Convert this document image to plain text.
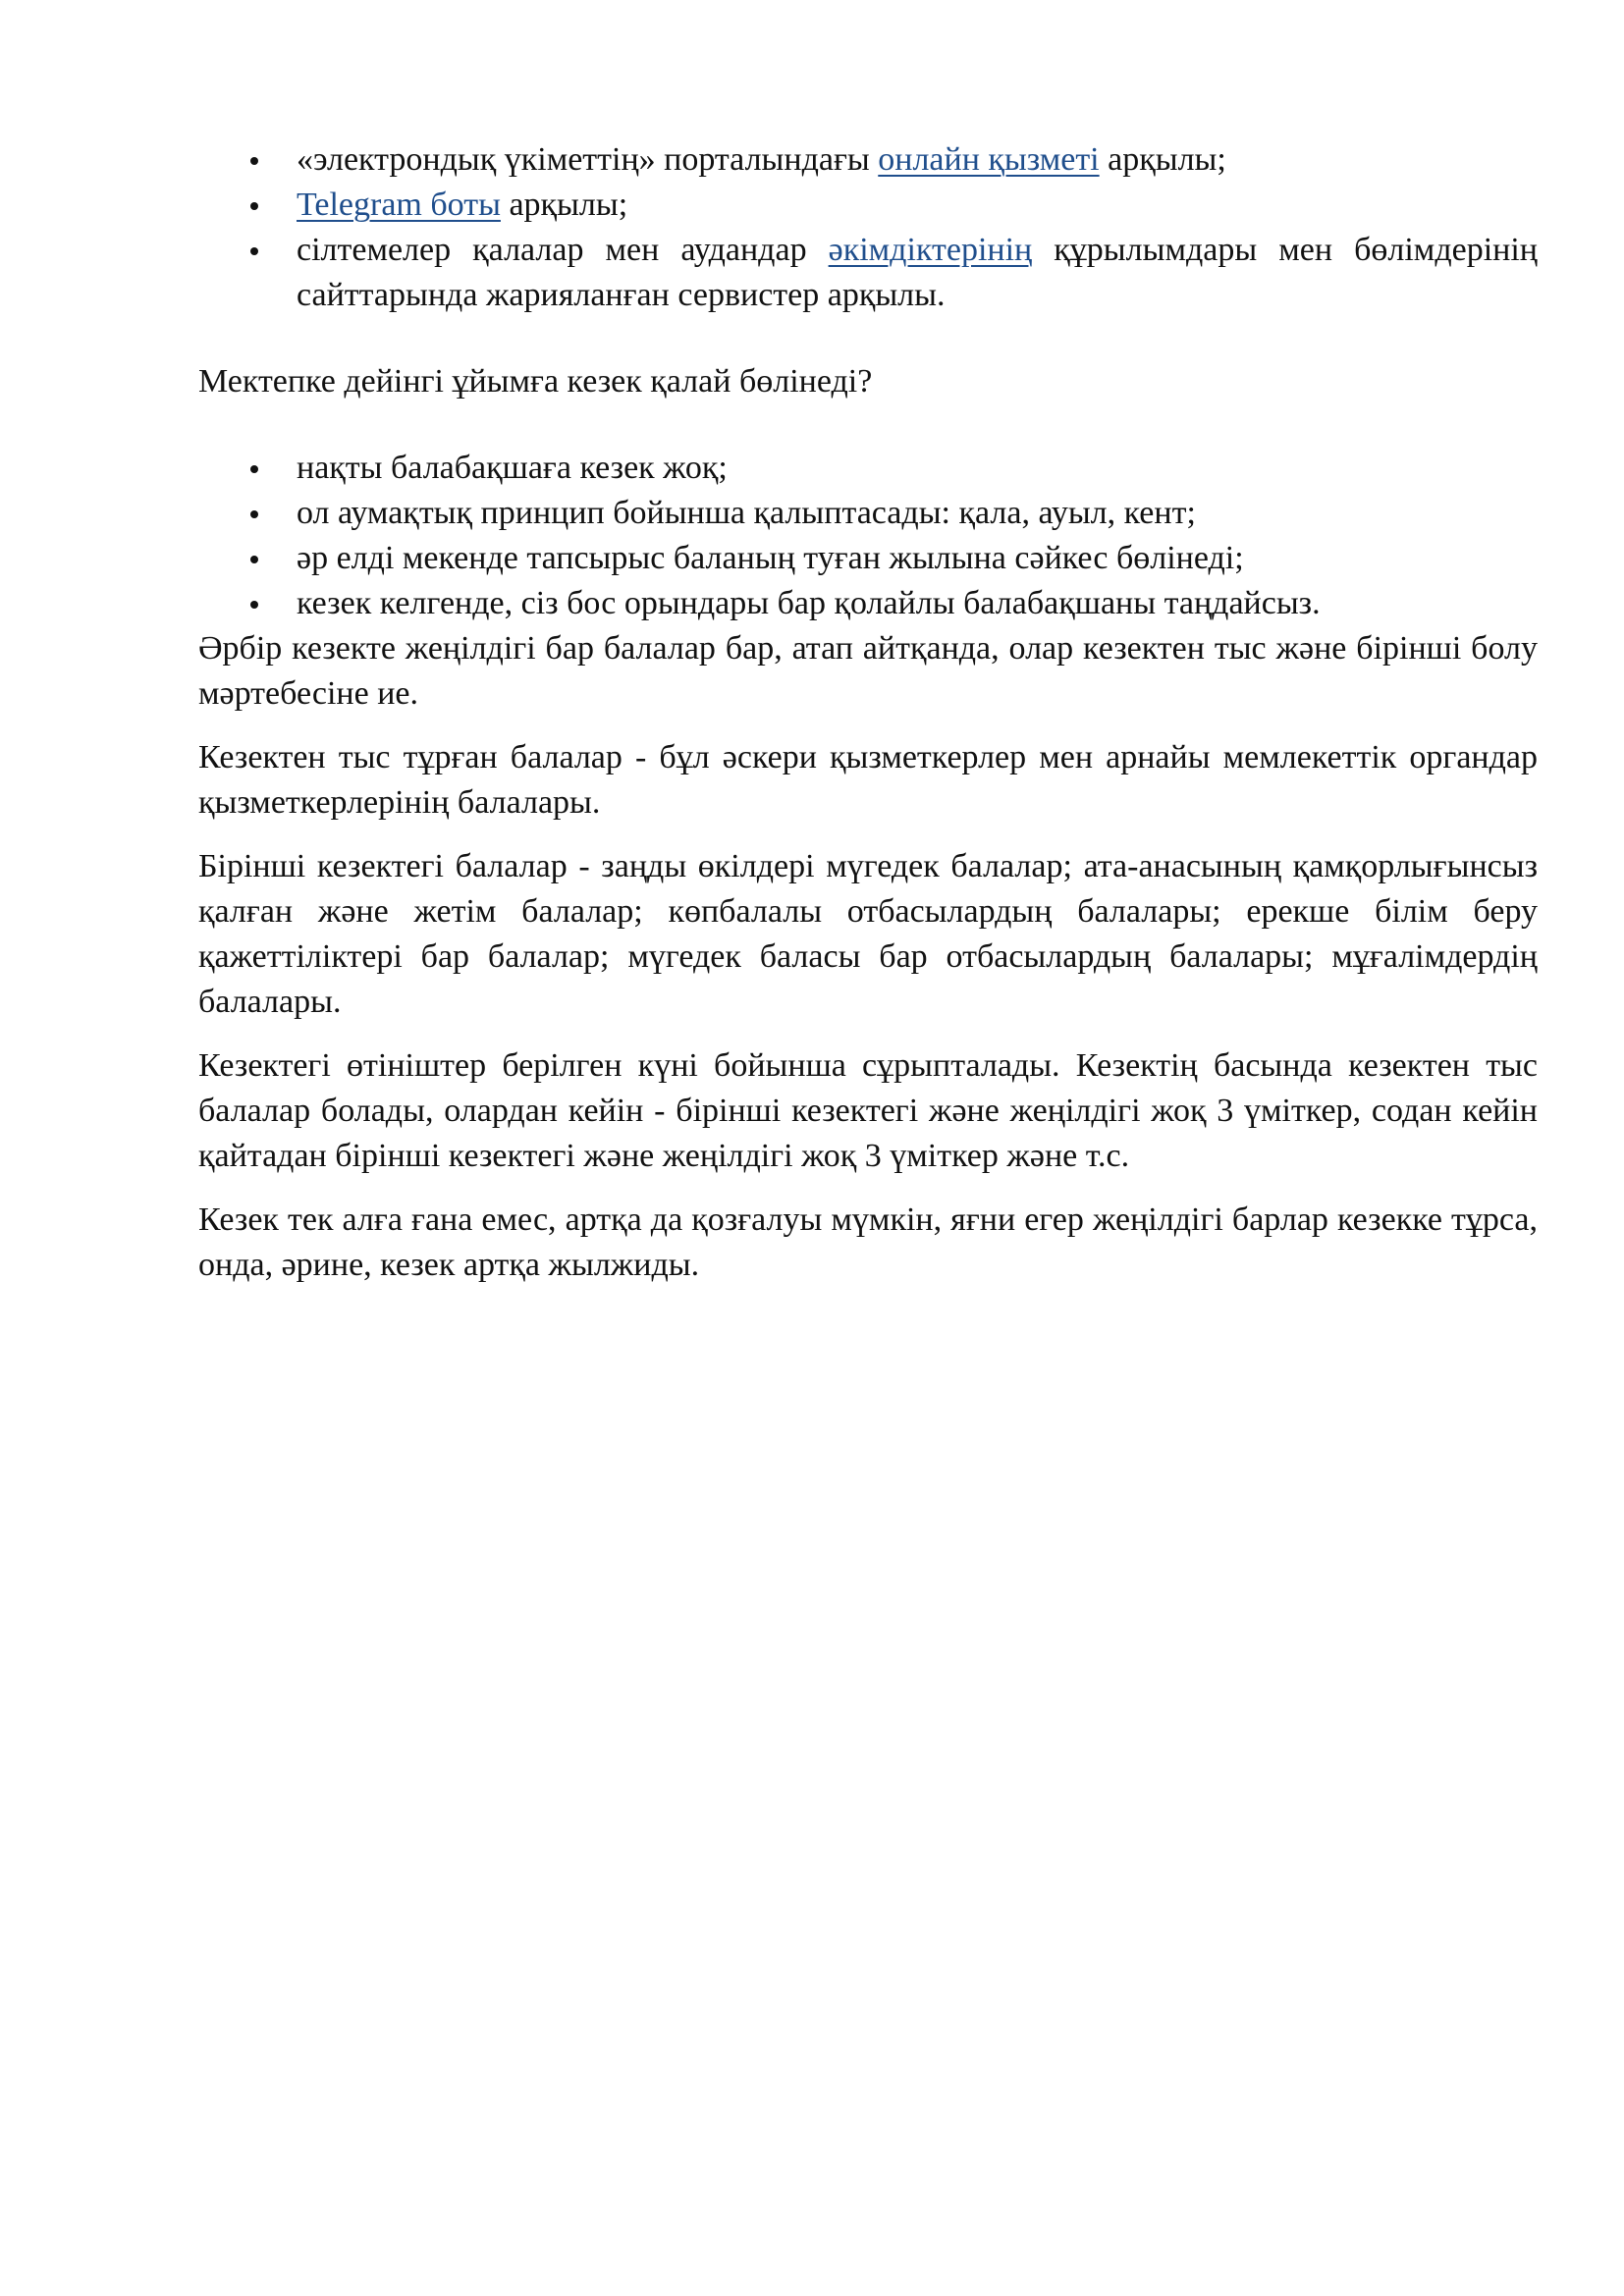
«электрондық үкіметтің» порталындағы онлайн қызметі арқылы;
Telegram боты арқылы;
сілтемелер қалалар мен аудандар әкімдіктерінің құрылымдары мен бөлімдерінің сайттарында жарияланған сервистер арқылы.
Мектепке дейінгі ұйымға кезек қалай бөлінеді?
нақты балабақшаға кезек жоқ;
ол аумақтық принцип бойынша қалыптасады: қала, ауыл, кент;
әр елді мекенде тапсырыс баланың туған жылына сәйкес бөлінеді;
кезек келгенде, сіз бос орындары бар қолайлы балабақшаны таңдайсыз.

Әрбір кезекте жеңілдігі бар балалар бар, атап айтқанда, олар кезектен тыс және бірінші болу мәртебесіне ие.

Кезектен тыс тұрған балалар - бұл әскери қызметкерлер мен арнайы мемлекеттік органдар қызметкерлерінің балалары.

Бірінші кезектегі балалар - заңды өкілдері мүгедек балалар; ата-анасының қамқорлығынсыз қалған және жетім балалар; көпбалалы отбасылардың балалары; ерекше білім беру қажеттіліктері бар балалар; мүгедек баласы бар отбасылардың балалары; мұғалімдердің балалары.

Кезектегі өтініштер берілген күні бойынша сұрыпталады. Кезектің басында кезектен тыс балалар болады, олардан кейін - бірінші кезектегі және жеңілдігі жоқ 3 үміткер, содан кейін қайтадан бірінші кезектегі және жеңілдігі жоқ 3 үміткер және т.с.

Кезек тек алға ғана емес, артқа да қозғалуы мүмкін, яғни егер жеңілдігі барлар кезекке тұрса, онда, әрине, кезек артқа жылжиды.
